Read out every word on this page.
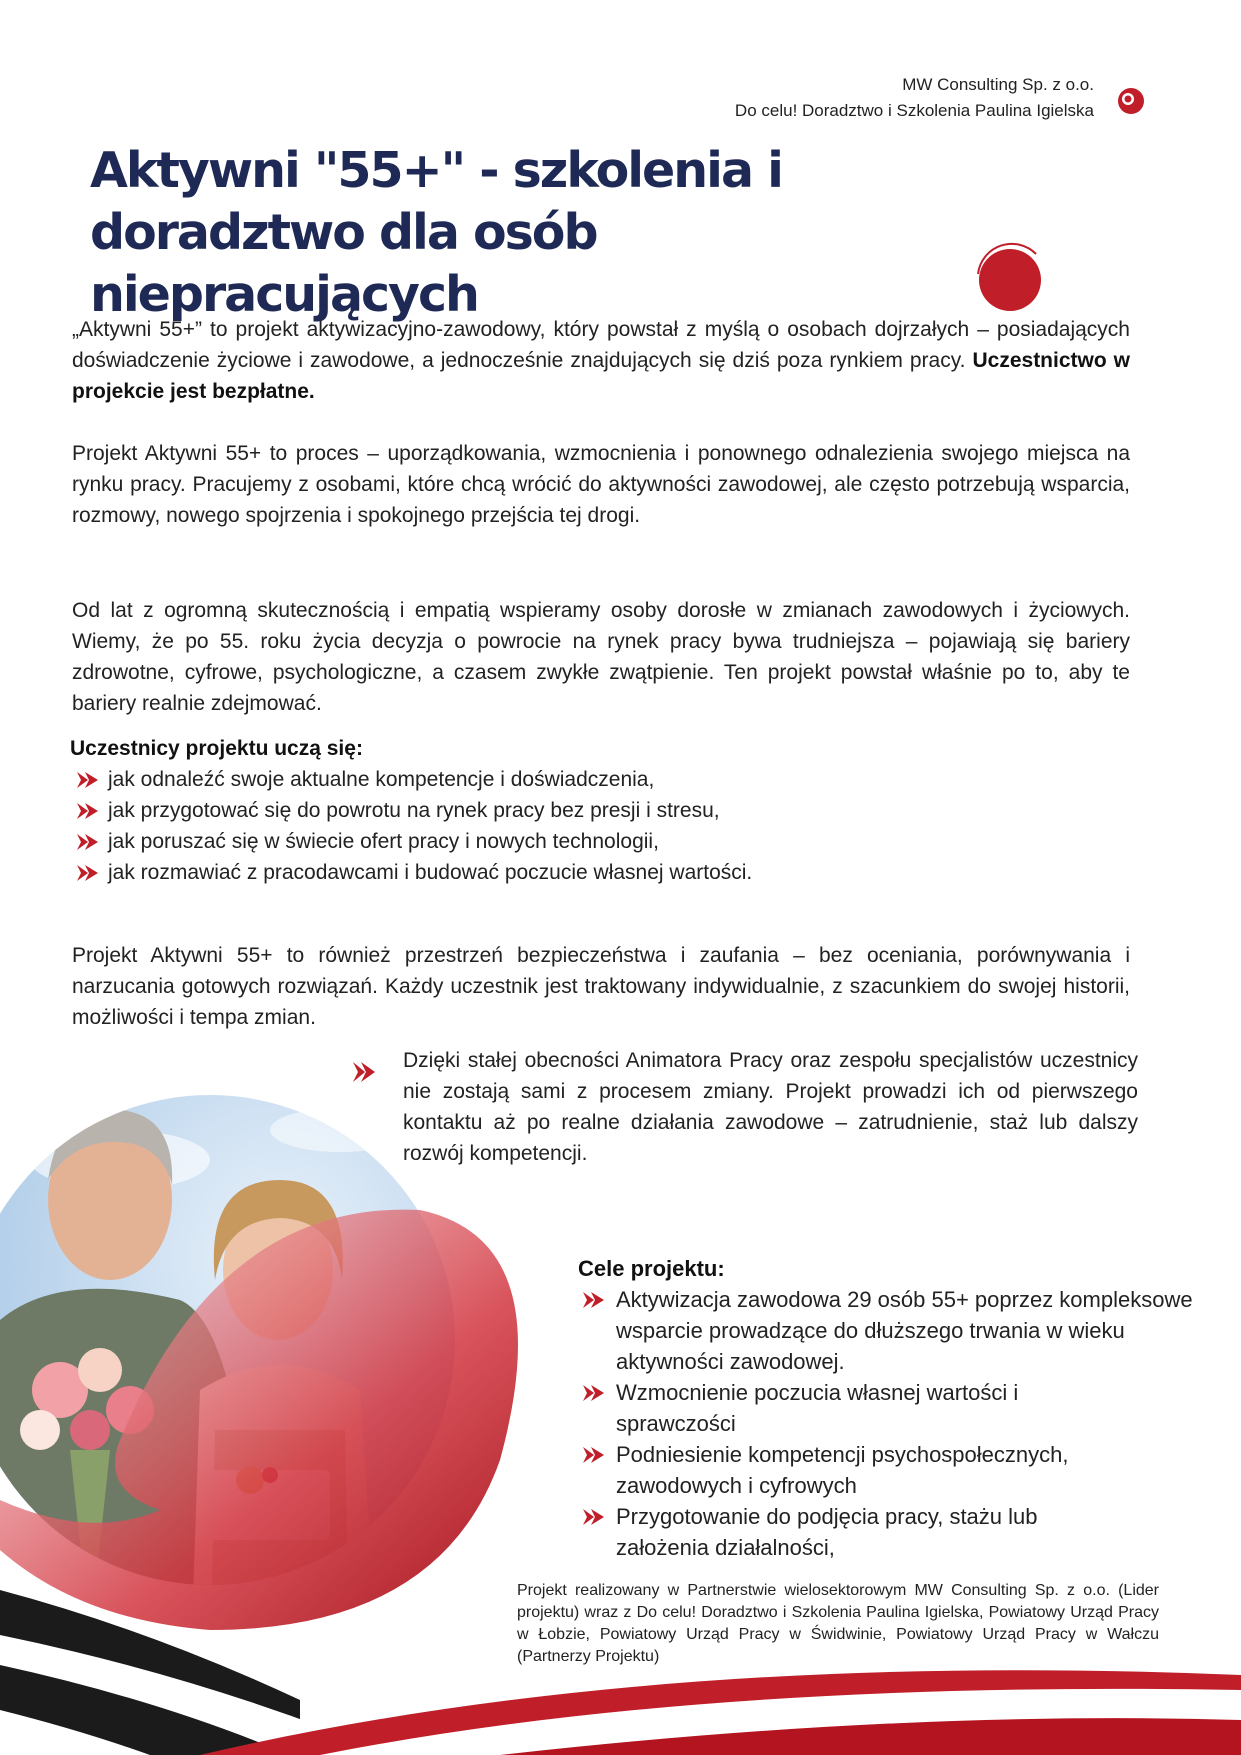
MW Consulting Sp. z o.o.
Do celu! Doradztwo i Szkolenia Paulina Igielska
Aktywni "55+" - szkolenia i
doradztwo dla osób niepracujących
„Aktywni 55+” to projekt aktywizacyjno-zawodowy, który powstał z myślą o osobach dojrzałych – posiadających doświadczenie życiowe i zawodowe, a jednocześnie znajdujących się dziś poza rynkiem pracy. Uczestnictwo w projekcie jest bezpłatne.
Projekt Aktywni 55+ to proces – uporządkowania, wzmocnienia i ponownego odnalezienia swojego miejsca na rynku pracy. Pracujemy z osobami, które chcą wrócić do aktywności zawodowej, ale często potrzebują wsparcia, rozmowy, nowego spojrzenia i spokojnego przejścia tej drogi.
Od lat z ogromną skutecznością i empatią wspieramy osoby dorosłe w zmianach zawodowych i życiowych. Wiemy, że po 55. roku życia decyzja o powrocie na rynek pracy bywa trudniejsza – pojawiają się bariery zdrowotne, cyfrowe, psychologiczne, a czasem zwykłe zwątpienie. Ten projekt powstał właśnie po to, aby te bariery realnie zdejmować.
Uczestnicy projektu uczą się:
jak odnaleźć swoje aktualne kompetencje i doświadczenia,
jak przygotować się do powrotu na rynek pracy bez presji i stresu,
jak poruszać się w świecie ofert pracy i nowych technologii,
jak rozmawiać z pracodawcami i budować poczucie własnej wartości.
Projekt Aktywni 55+ to również przestrzeń bezpieczeństwa i zaufania – bez oceniania, porównywania i narzucania gotowych rozwiązań. Każdy uczestnik jest traktowany indywidualnie, z szacunkiem do swojej historii, możliwości i tempa zmian.
Dzięki stałej obecności Animatora Pracy oraz zespołu specjalistów uczestnicy nie zostają sami z procesem zmiany. Projekt prowadzi ich od pierwszego kontaktu aż po realne działania zawodowe – zatrudnienie, staż lub dalszy rozwój kompetencji.
Cele projektu:
Aktywizacja zawodowa 29 osób 55+ poprzez kompleksowe wsparcie prowadzące do dłuższego trwania w wieku aktywności zawodowej.
Wzmocnienie poczucia własnej wartości i sprawczości
Podniesienie kompetencji psychospołecznych, zawodowych i cyfrowych
Przygotowanie do podjęcia pracy, stażu lub założenia działalności,
Projekt realizowany w Partnerstwie wielosektorowym MW Consulting Sp. z o.o. (Lider projektu) wraz z Do celu! Doradztwo i Szkolenia Paulina Igielska, Powiatowy Urząd Pracy w Łobzie, Powiatowy Urząd Pracy w Świdwinie, Powiatowy Urząd Pracy w Wałczu (Partnerzy Projektu)
